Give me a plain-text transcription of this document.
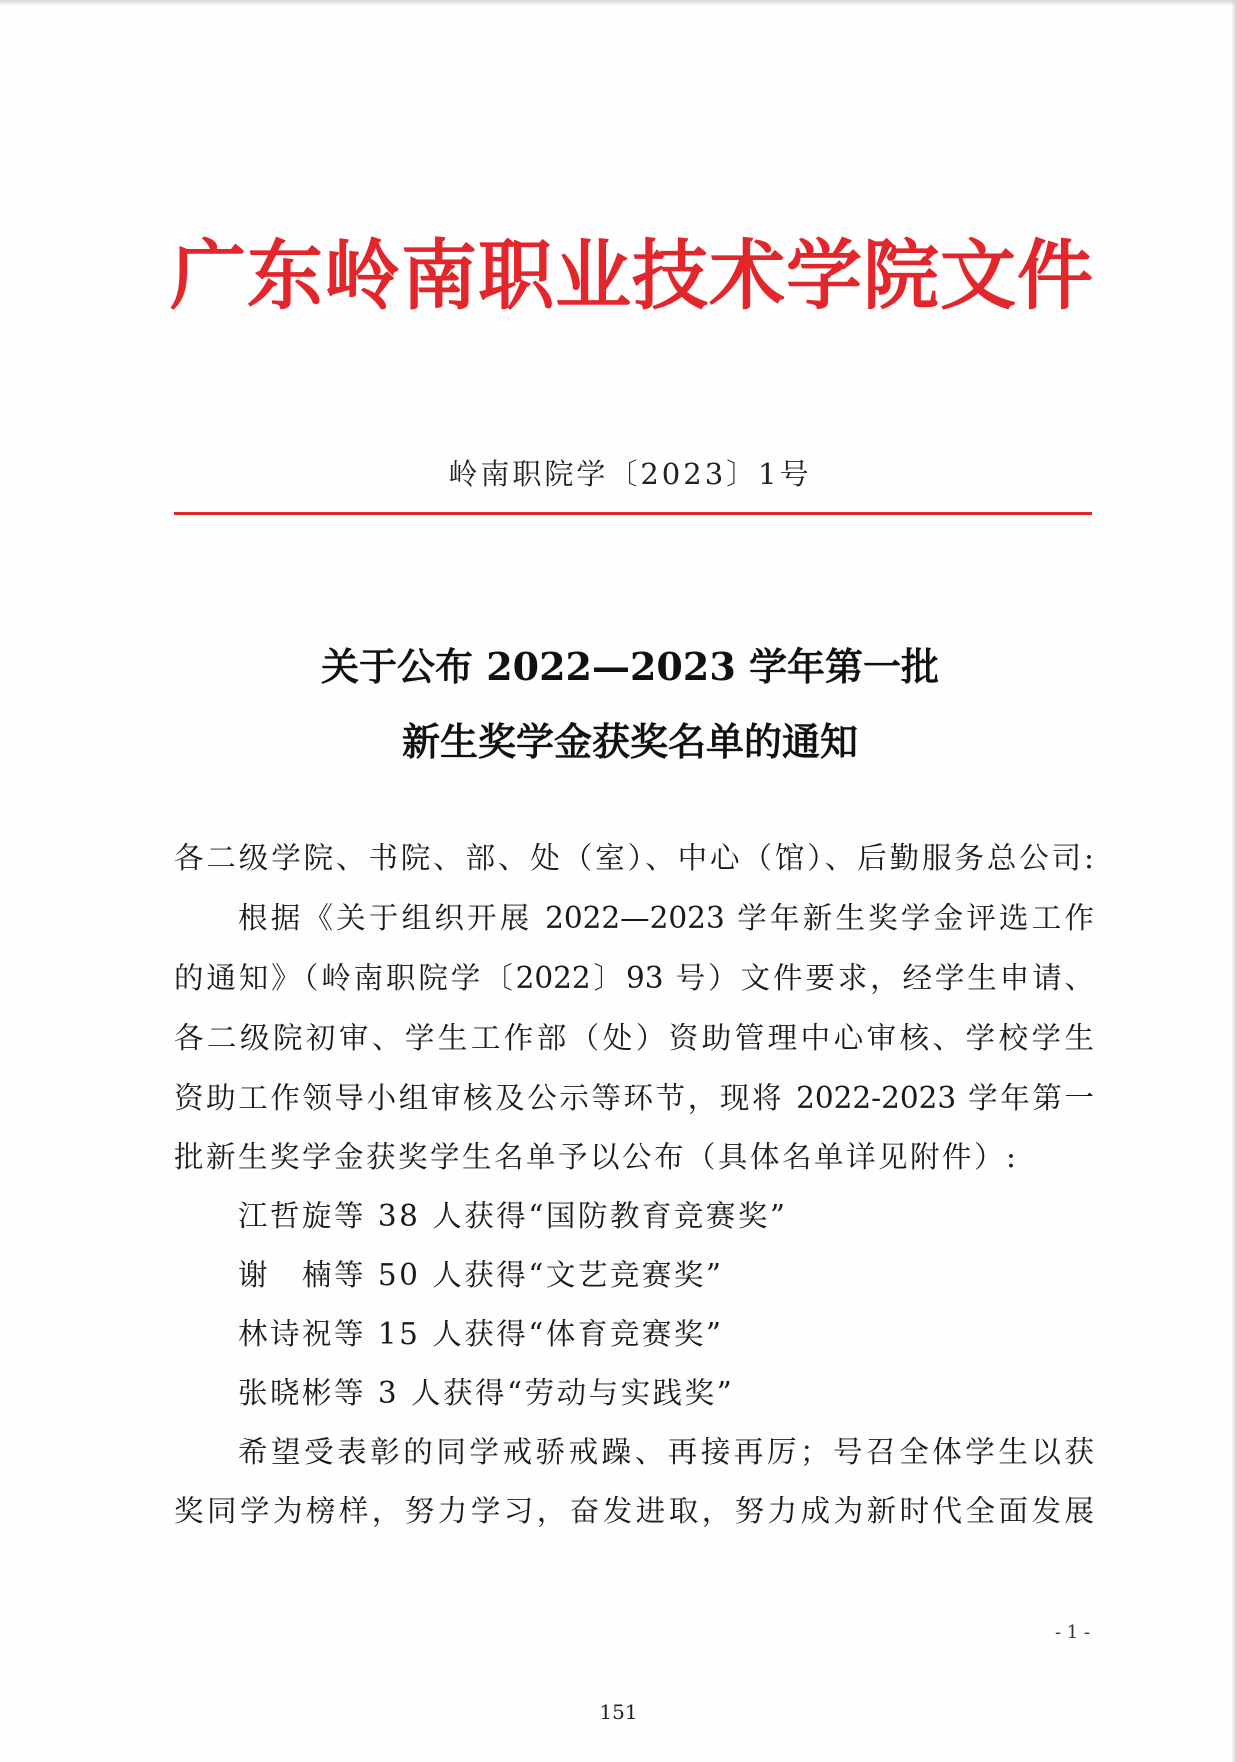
广东岭南职业技术学院文件
岭南职院学〔2023〕1号
关于公布 2022—2023 学年第一批
新生奖学金获奖名单的通知
各二级学院、书院、部、处（室）、中心（馆）、后勤服务总公司:
根据《关于组织开展 2022—2023 学年新生奖学金评选工作
的通知》（岭南职院学〔2022〕93 号）文件要求，经学生申请、
各二级院初审、学生工作部（处）资助管理中心审核、学校学生
资助工作领导小组审核及公示等环节，现将 2022-2023 学年第一
批新生奖学金获奖学生名单予以公布（具体名单详见附件）:
江哲旋等 38 人获得“国防教育竞赛奖”
谢　楠等 50 人获得“文艺竞赛奖”
林诗祝等 15 人获得“体育竞赛奖”
张晓彬等 3 人获得“劳动与实践奖”
希望受表彰的同学戒骄戒躁、再接再厉；号召全体学生以获
奖同学为榜样，努力学习，奋发进取，努力成为新时代全面发展
- 1 -
151
